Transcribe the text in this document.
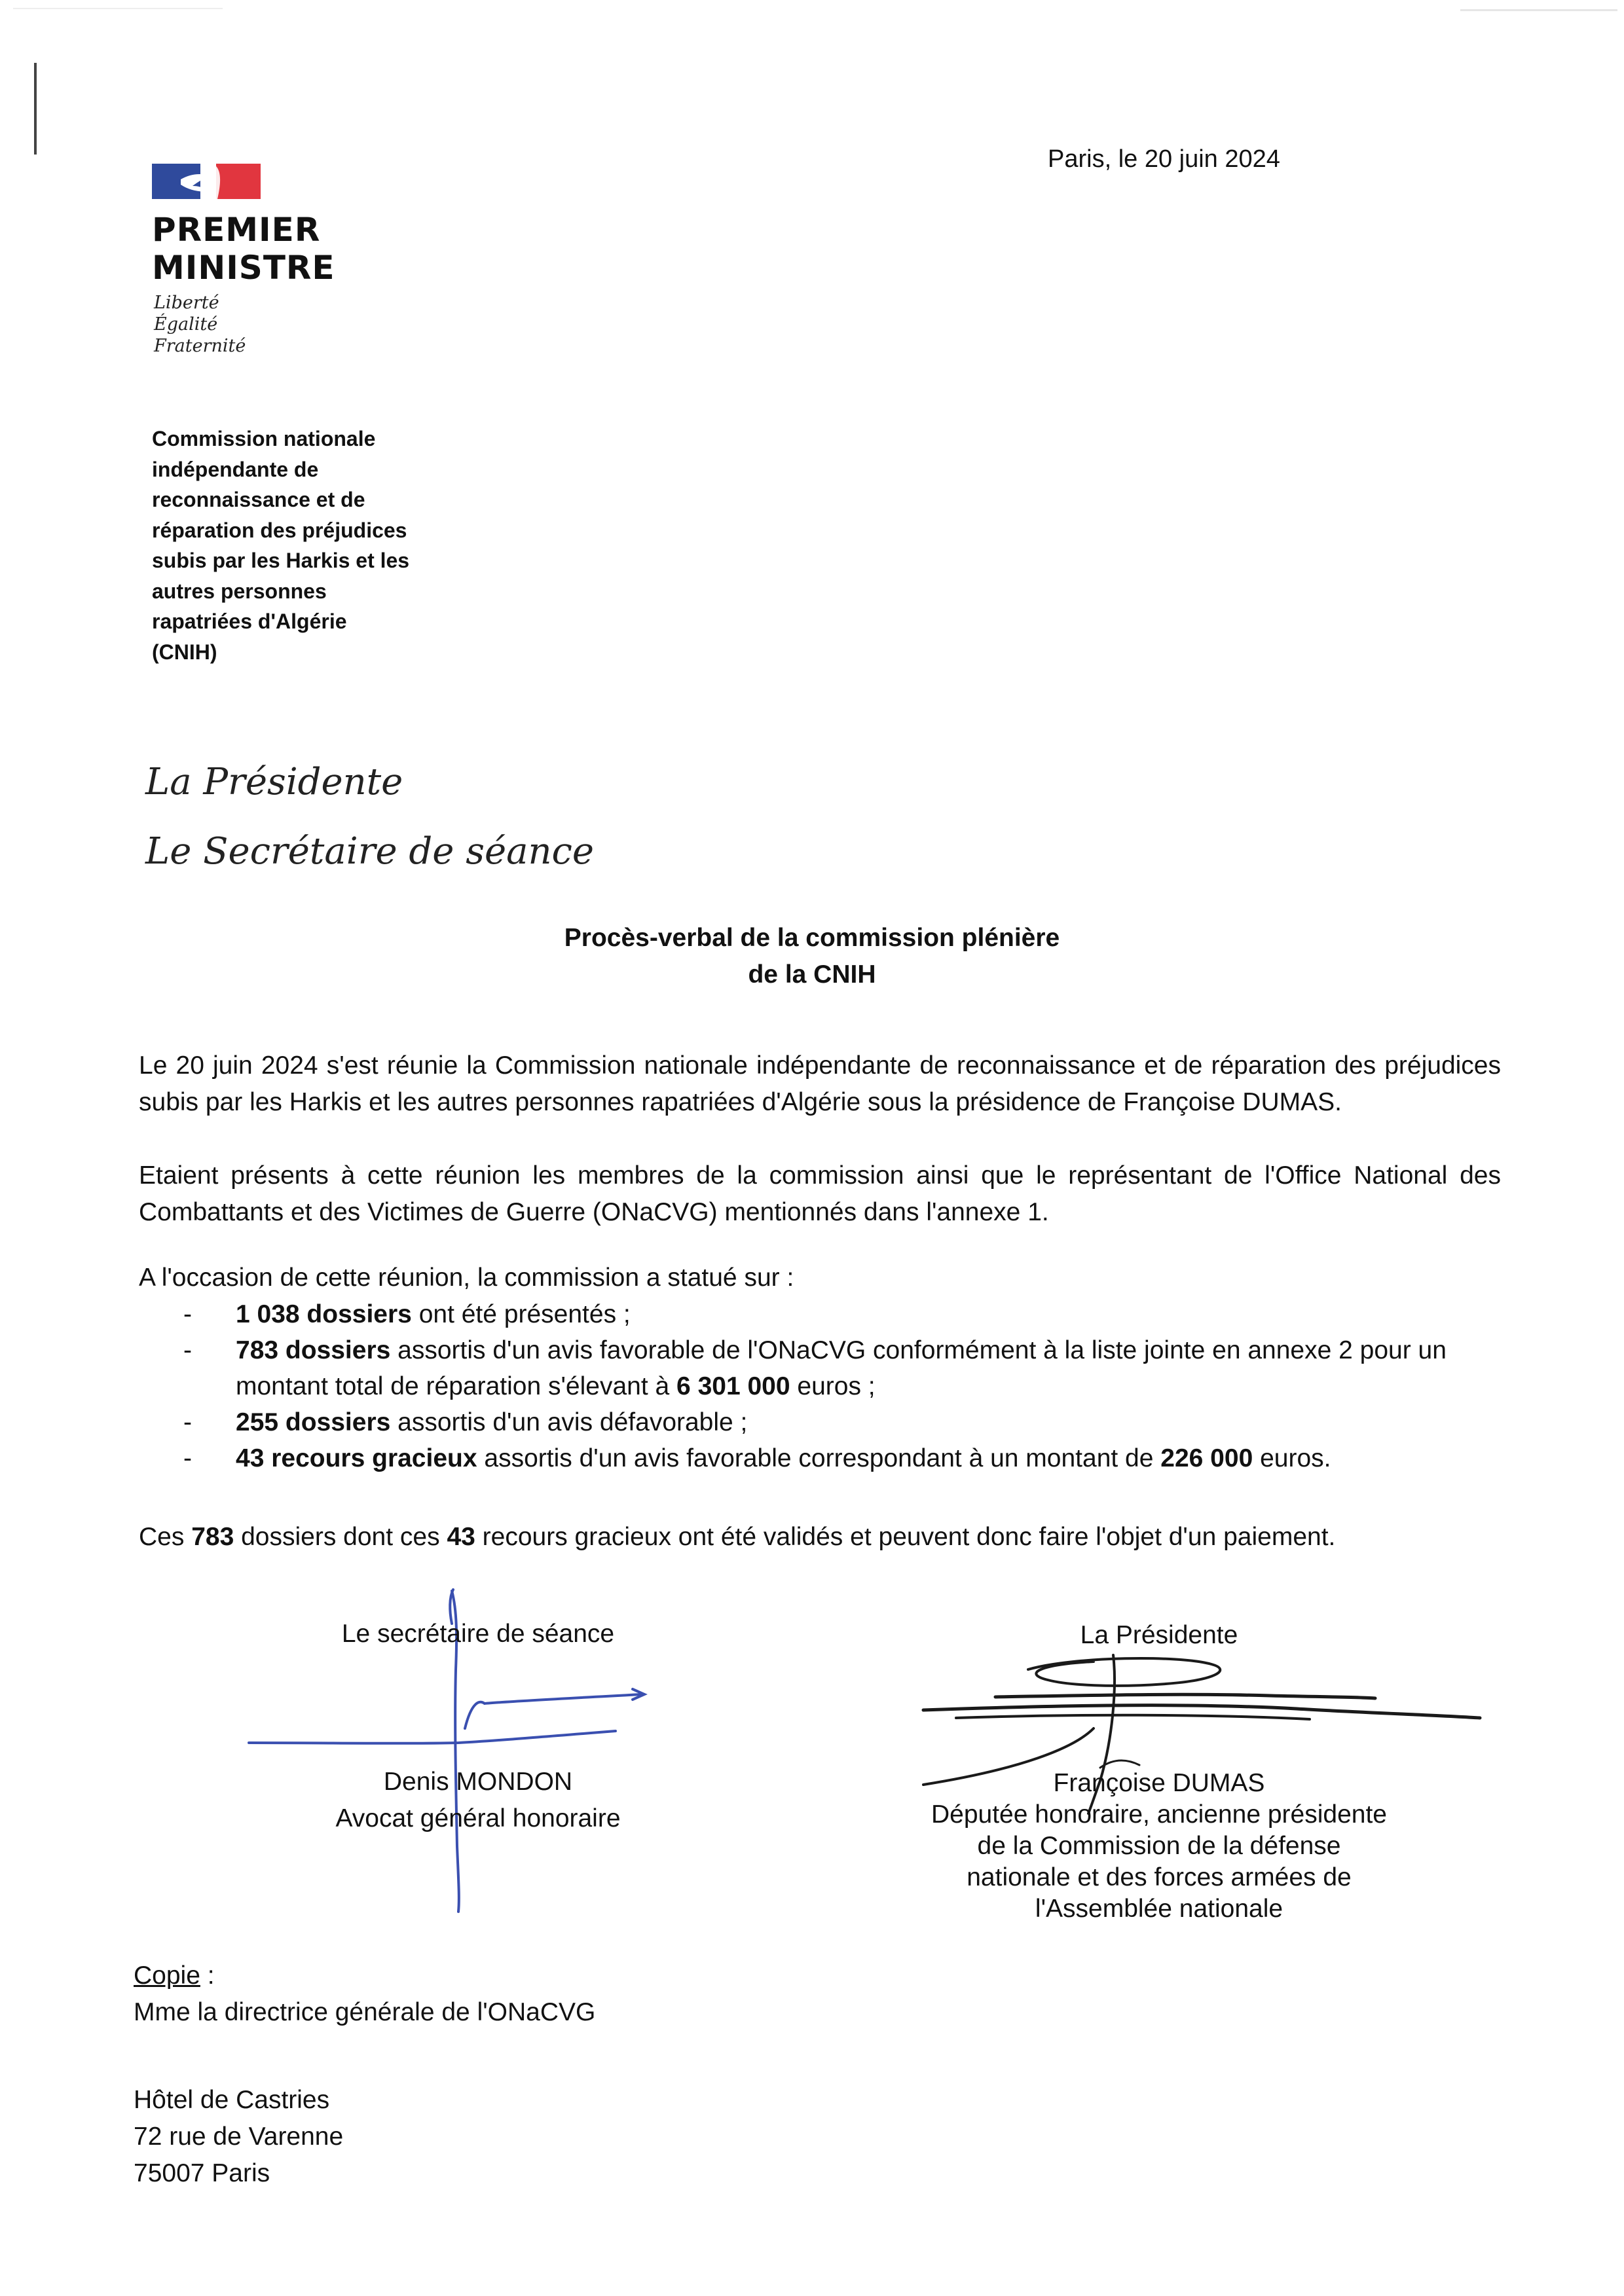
PREMIER
MINISTRE
Liberté
Égalité
Fraternité
Paris, le 20 juin 2024
Commission nationale
indépendante de
reconnaissance et de
réparation des préjudices
subis par les Harkis et les
autres personnes
rapatriées d'Algérie
(CNIH)
La Présidente
Le Secrétaire de séance
Procès-verbal de la commission plénière
de la CNIH

Le 20 juin 2024 s'est réunie la Commission nationale indépendante de reconnaissance et de réparation des préjudices subis par les Harkis et les autres personnes rapatriées d'Algérie sous la présidence de Françoise DUMAS.

Etaient présents à cette réunion les membres de la commission ainsi que le représentant de l'Office National des Combattants et des Victimes de Guerre (ONaCVG) mentionnés dans l'annexe 1.

A l'occasion de cette réunion, la commission a statué sur :

- 1 038 dossiers ont été présentés ;
- 783 dossiers assortis d'un avis favorable de l'ONaCVG conformément à la liste jointe en annexe 2 pour un montant total de réparation s'élevant à 6 301 000 euros ;
- 255 dossiers assortis d'un avis défavorable ;
- 43 recours gracieux assortis d'un avis favorable correspondant à un montant de 226 000 euros.

Ces 783 dossiers dont ces 43 recours gracieux ont été validés et peuvent donc faire l'objet d'un paiement.

Le secrétaire de séance
Denis MONDON
Avocat général honoraire
La Présidente
Françoise DUMAS
Députée honoraire, ancienne présidente
de la Commission de la défense
nationale et des forces armées de
l'Assemblée nationale
Copie :
Mme la directrice générale de l'ONaCVG
Hôtel de Castries
72 rue de Varenne
75007 Paris
